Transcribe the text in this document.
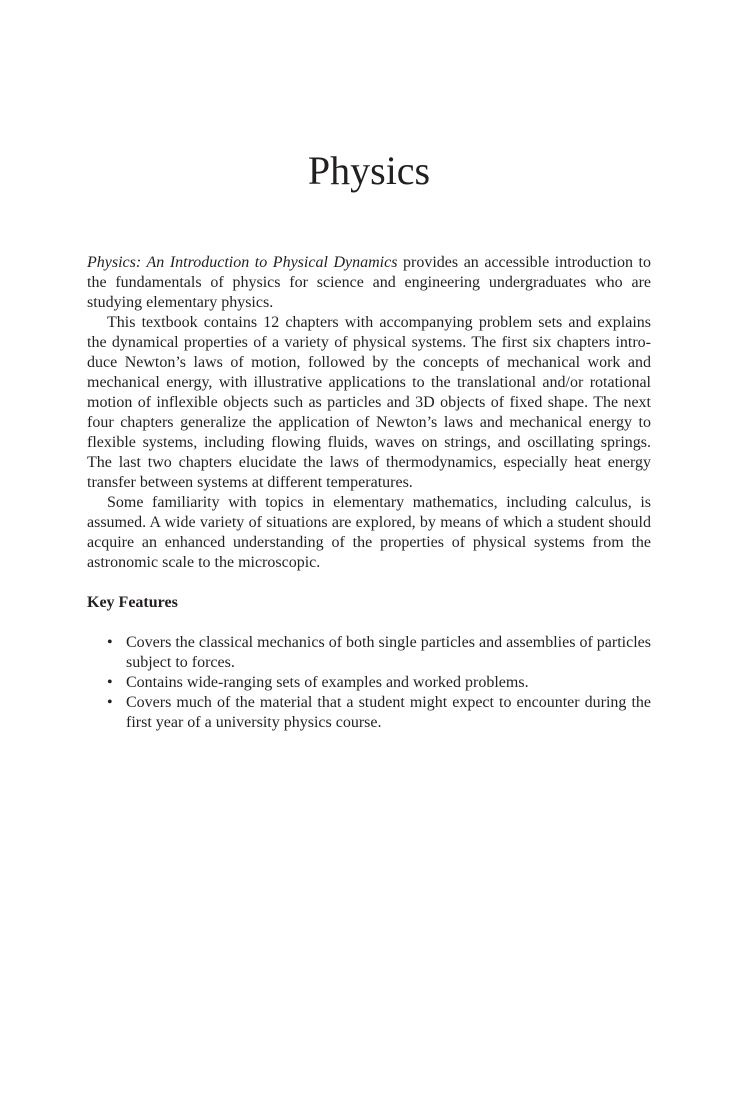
Physics

Physics: An Introduction to Physical Dynamics provides an accessible introduction to the fundamentals of physics for science and engineering undergraduates who are studying elementary physics.

This textbook contains 12 chapters with accompanying problem sets and explains the dynamical properties of a variety of physical systems. The first six chapters introduce Newton’s laws of motion, followed by the concepts of mechanical work and mechanical energy, with illustrative applications to the translational and/or rotational motion of inflexible objects such as particles and 3D objects of fixed shape. The next four chapters generalize the application of Newton’s laws and mechanical energy to flexible systems, including flowing fluids, waves on strings, and oscillating springs. The last two chapters elucidate the laws of thermodynamics, especially heat energy transfer between systems at different temperatures.

Some familiarity with topics in elementary mathematics, including calculus, is assumed. A wide variety of situations are explored, by means of which a student should acquire an enhanced understanding of the properties of physical systems from the astronomic scale to the microscopic.

Key Features
• Covers the classical mechanics of both single particles and assemblies of particles subject to forces.
• Contains wide-ranging sets of examples and worked problems.
• Covers much of the material that a student might expect to encounter during the first year of a university physics course.
